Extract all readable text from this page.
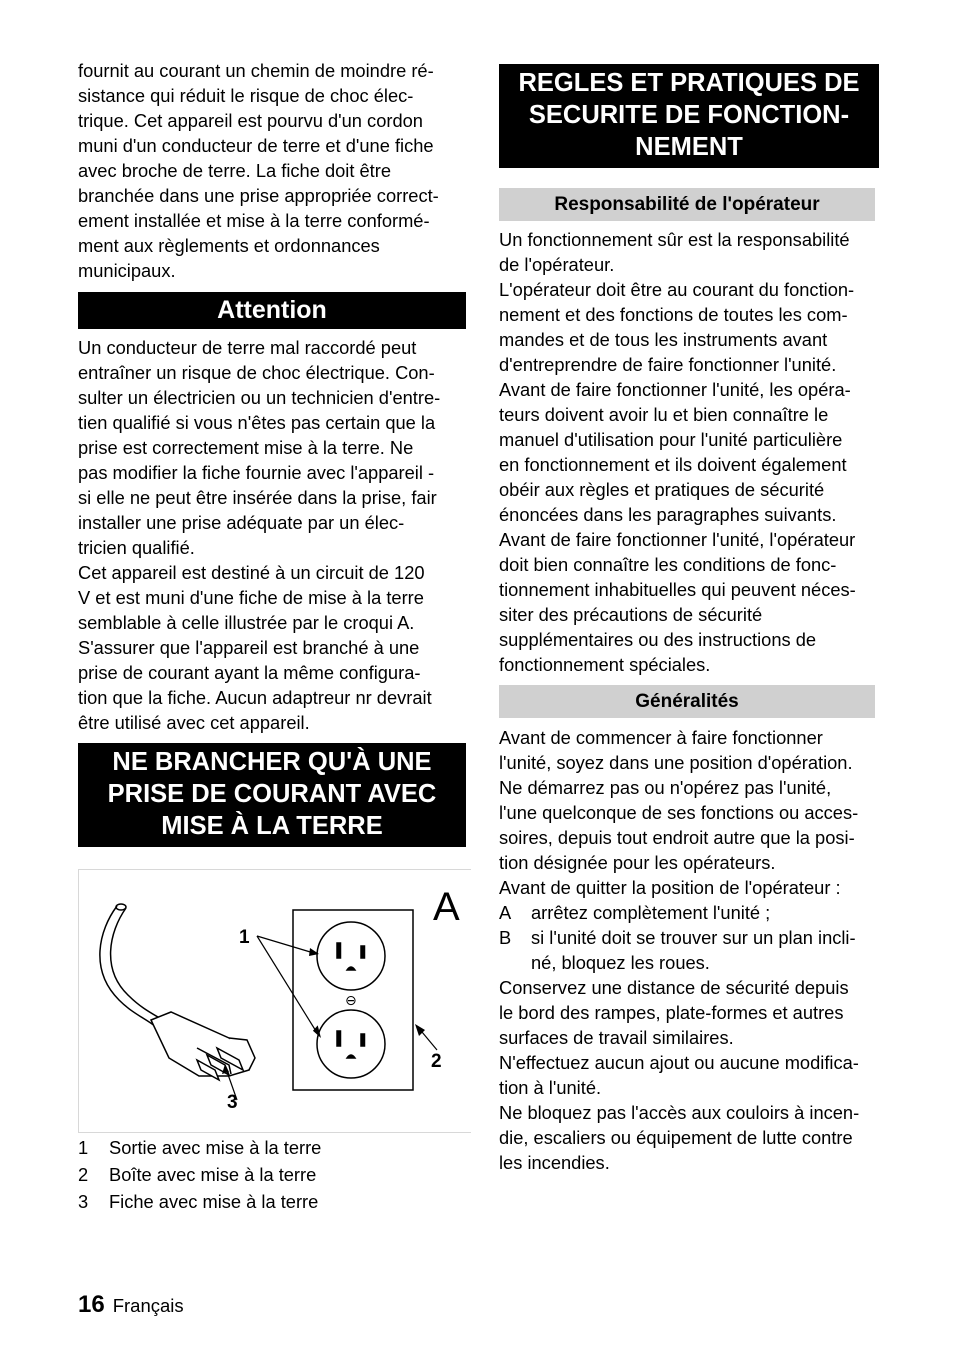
fournit au courant un chemin de moindre ré-
sistance qui réduit le risque de choc élec-
trique. Cet appareil est pourvu d'un cordon
muni d'un conducteur de terre et d'une fiche
avec broche de terre. La fiche doit être
branchée dans une prise appropriée correct-
ement installée et mise à la terre conformé-
ment aux règlements et ordonnances
municipaux.

Attention

Un conducteur de terre mal raccordé peut
entraîner un risque de choc électrique. Con-
sulter un électricien ou un technicien d'entre-
tien qualifié si vous n'êtes pas certain que la
prise est correctement mise à la terre. Ne
pas modifier la fiche fournie avec l'appareil -
si elle ne peut être insérée dans la prise, fair
installer une prise adéquate par un élec-
tricien qualifié.
Cet appareil est destiné à un circuit de 120
V et est muni d'une fiche de mise à la terre
semblable à celle illustrée par le croqui A.
S'assurer que l'appareil est branché à une
prise de courant ayant la même configura-
tion que la fiche. Aucun adaptreur nr devrait
être utilisé avec cet appareil.

NE BRANCHER QU'À UNE
PRISE DE COURANT AVEC
MISE À LA TERRE
⊖
1
2
3
A
1	Sortie avec mise à la terre
2	Boîte avec mise à la terre
3	Fiche avec mise à la terre
REGLES ET PRATIQUES DE
SECURITE DE FONCTION-
NEMENT
Responsabilité de l'opérateur

Un fonctionnement sûr est la responsabilité
de l'opérateur.
L'opérateur doit être au courant du fonction-
nement et des fonctions de toutes les com-
mandes et de tous les instruments avant
d'entreprendre de faire fonctionner l'unité.
Avant de faire fonctionner l'unité, les opéra-
teurs doivent avoir lu et bien connaître le
manuel d'utilisation pour l'unité particulière
en fonctionnement et ils doivent également
obéir aux règles et pratiques de sécurité
énoncées dans les paragraphes suivants.
Avant de faire fonctionner l'unité, l'opérateur
doit bien connaître les conditions de fonc-
tionnement inhabituelles qui peuvent néces-
siter des précautions de sécurité
supplémentaires ou des instructions de
fonctionnement spéciales.

Généralités

Avant de commencer à faire fonctionner
l'unité, soyez dans une position d'opération.
Ne démarrez pas ou n'opérez pas l'unité,
l'une quelconque de ses fonctions ou acces-
soires, depuis tout endroit autre que la posi-
tion désignée pour les opérateurs.
Avant de quitter la position de l'opérateur :

A	arrêtez complètement l'unité ;
B	si l'unité doit se trouver sur un plan incli-
né, bloquez les roues.

Conservez une distance de sécurité depuis
le bord des rampes, plate-formes et autres
surfaces de travail similaires.
N'effectuez aucun ajout ou aucune modifica-
tion à l'unité.
Ne bloquez pas l'accès aux couloirs à incen-
die, escaliers ou équipement de lutte contre
les incendies.

16 Français
